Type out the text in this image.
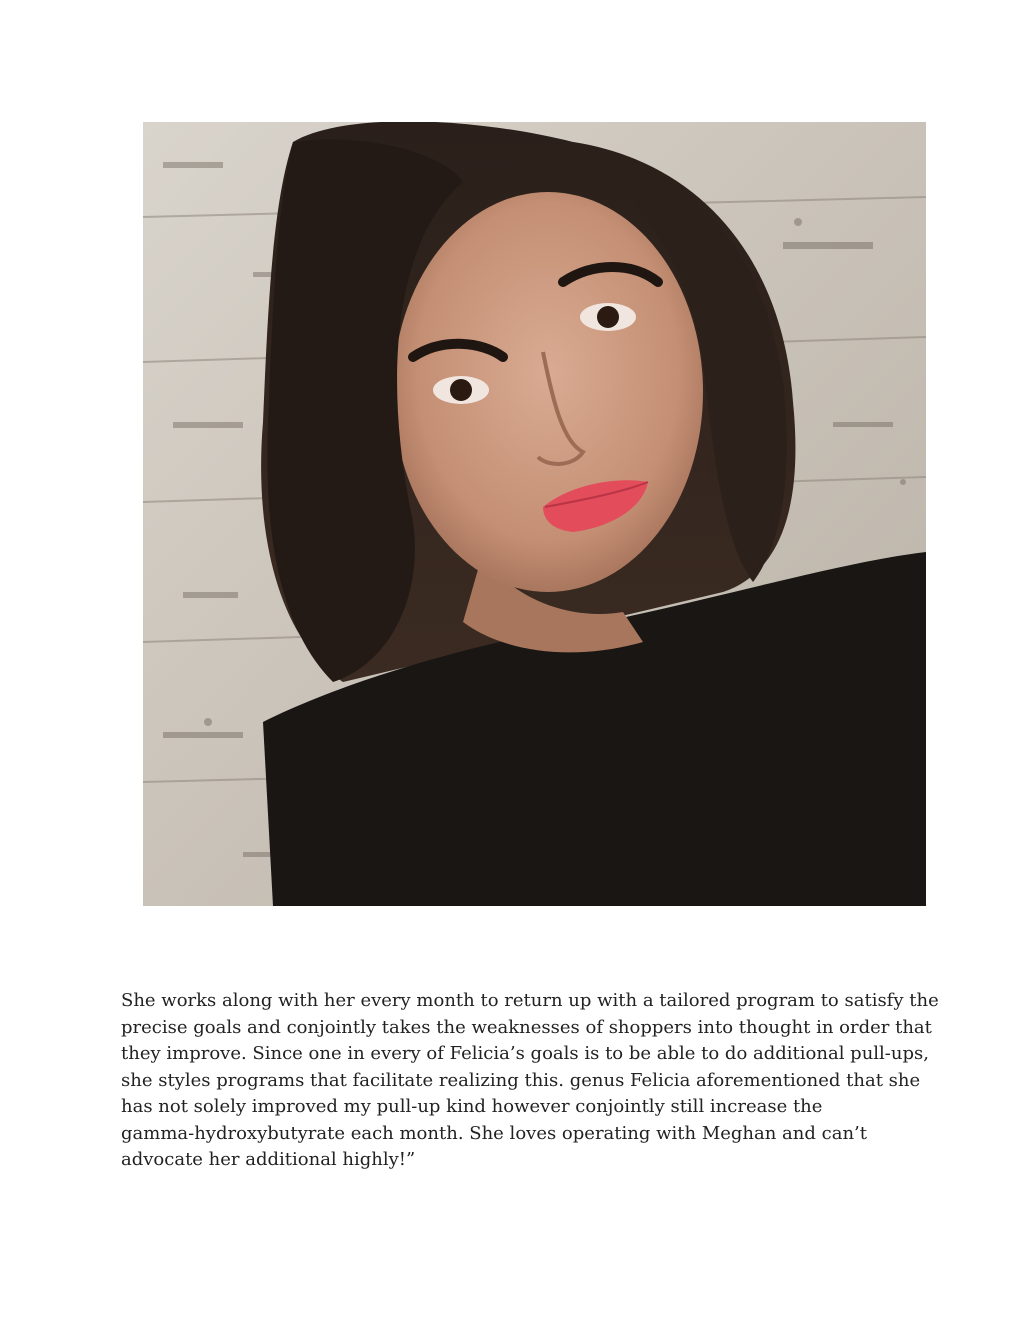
She works along with her every month to return up with a tailored program to satisfy the
precise goals and conjointly takes the weaknesses of shoppers into thought in order that
they improve. Since one in every of Felicia’s goals is to be able to do additional pull-ups,
she styles programs that facilitate realizing this. genus Felicia aforementioned that she
has not solely improved my pull-up kind however conjointly still increase the
gamma-hydroxybutyrate each month. She loves operating with Meghan and can’t
advocate her additional highly!”
